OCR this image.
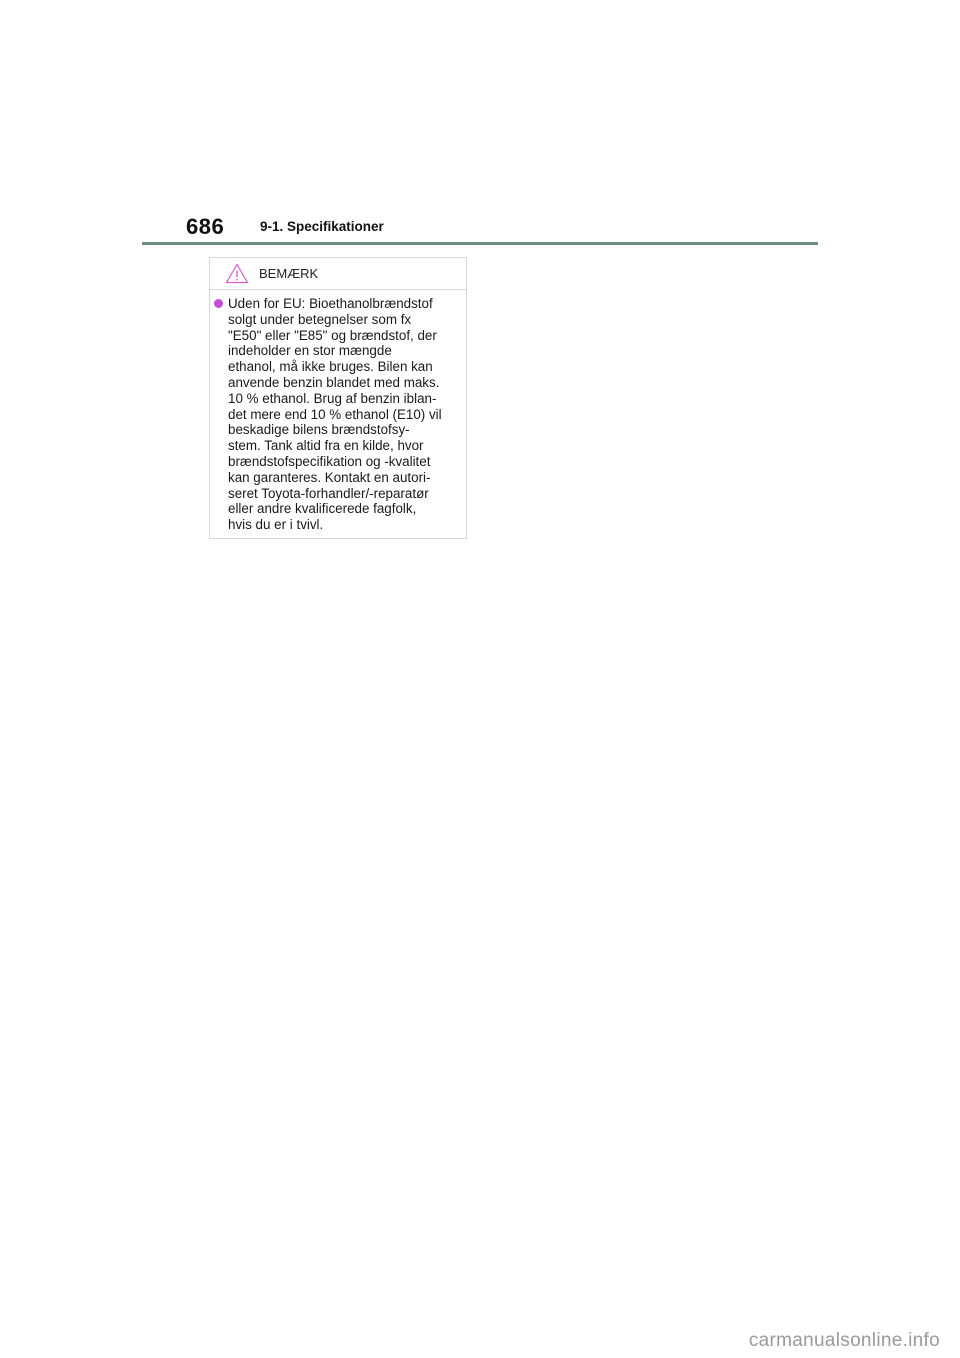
686	9-1. Specifikationer
BEMÆRK

Uden for EU: Bioethanolbrændstof
solgt under betegnelser som fx
"E50" eller "E85" og brændstof, der
indeholder en stor mængde
ethanol, må ikke bruges. Bilen kan
anvende benzin blandet med maks.
10 % ethanol. Brug af benzin iblan-
det mere end 10 % ethanol (E10) vil
beskadige bilens brændstofsy-
stem. Tank altid fra en kilde, hvor
brændstofspecifikation og -kvalitet
kan garanteres. Kontakt en autori-
seret Toyota-forhandler/-reparatør
eller andre kvalificerede fagfolk,
hvis du er i tvivl.

carmanualsonline.info
